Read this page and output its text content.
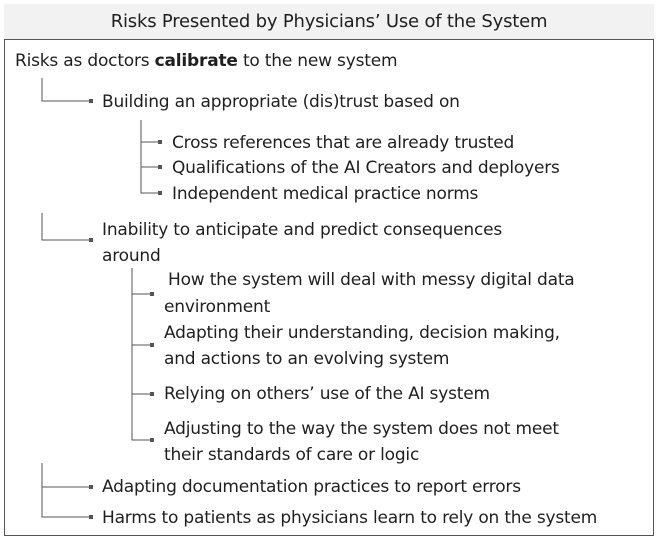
Risks Presented by Physicians’ Use of the System
Risks as doctors calibrate to the new system
Building an appropriate (dis)trust based on
Cross references that are already trusted
Qualifications of the AI Creators and deployers
Independent medical practice norms
Inability to anticipate and predict consequences
around
How the system will deal with messy digital data
environment
Adapting their understanding, decision making,
and actions to an evolving system
Relying on others’ use of the AI system
Adjusting to the way the system does not meet
their standards of care or logic
Adapting documentation practices to report errors
Harms to patients as physicians learn to rely on the system
